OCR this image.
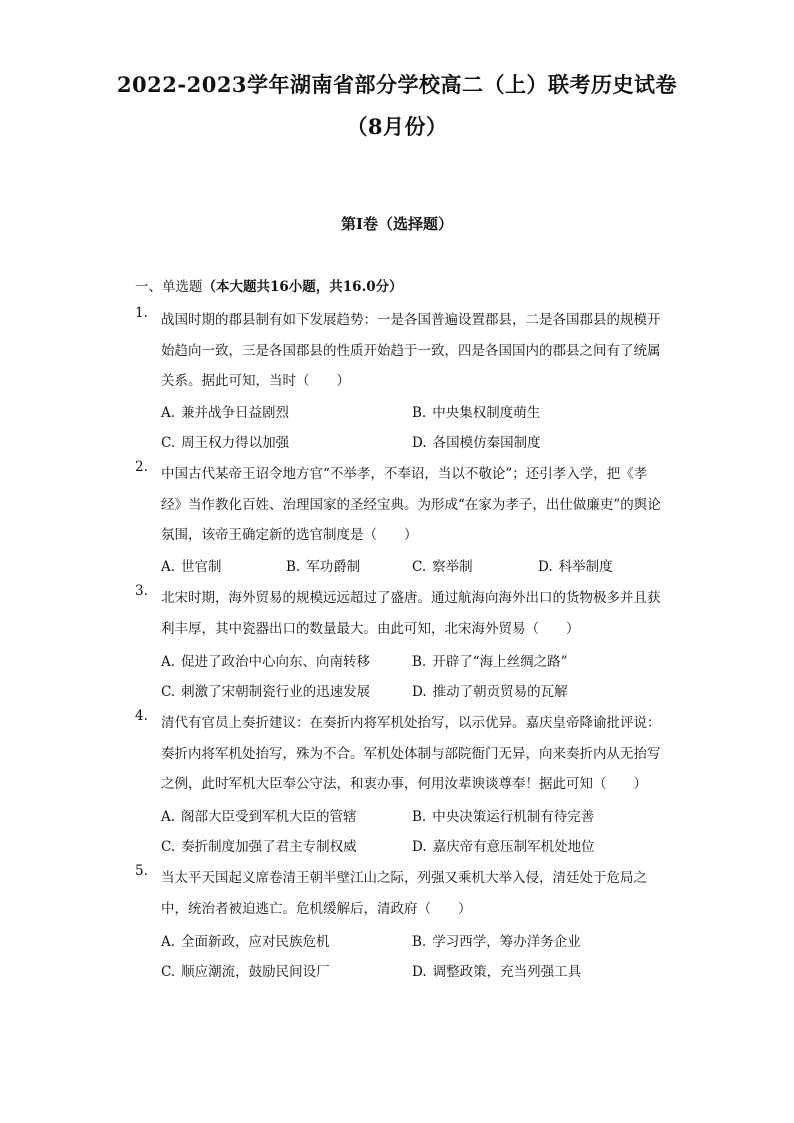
2022-2023学年湖南省部分学校高二（上）联考历史试卷
（8月份）
第I卷（选择题）
一、单选题（本大题共16小题，共16.0分）
1. 战国时期的郡县制有如下发展趋势：一是各国普遍设置郡县，二是各国郡县的规模开始趋向一致，三是各国郡县的性质开始趋于一致，四是各国国内的郡县之间有了统属关系。据此可知，当时（　　）
A. 兼并战争日益剧烈	B. 中央集权制度萌生
C. 周王权力得以加强	D. 各国模仿秦国制度
2. 中国古代某帝王诏令地方官“不举孝，不奉诏，当以不敬论”；还引孝入学，把《孝经》当作教化百姓、治理国家的圣经宝典。为形成“在家为孝子，出仕做廉吏”的舆论氛围，该帝王确定新的选官制度是（　　）
A. 世官制	B. 军功爵制	C. 察举制	D. 科举制度
3. 北宋时期，海外贸易的规模远远超过了盛唐。通过航海向海外出口的货物极多并且获利丰厚，其中瓷器出口的数量最大。由此可知，北宋海外贸易（　　）
A. 促进了政治中心向东、向南转移	B. 开辟了“海上丝绸之路”
C. 刺激了宋朝制瓷行业的迅速发展	D. 推动了朝贡贸易的瓦解
4. 清代有官员上奏折建议：在奏折内将军机处抬写，以示优异。嘉庆皇帝降谕批评说：奏折内将军机处抬写，殊为不合。军机处体制与部院衙门无异，向来奏折内从无抬写之例，此时军机大臣奉公守法，和衷办事，何用汝辈谀谈尊奉！据此可知（　　）
A. 阁部大臣受到军机大臣的管辖	B. 中央决策运行机制有待完善
C. 奏折制度加强了君主专制权威	D. 嘉庆帝有意压制军机处地位
5. 当太平天国起义席卷清王朝半壁江山之际，列强又乘机大举入侵，清廷处于危局之中，统治者被迫逃亡。危机缓解后，清政府（　　）
A. 全面新政，应对民族危机	B. 学习西学，筹办洋务企业
C. 顺应潮流，鼓励民间设厂	D. 调整政策，充当列强工具
